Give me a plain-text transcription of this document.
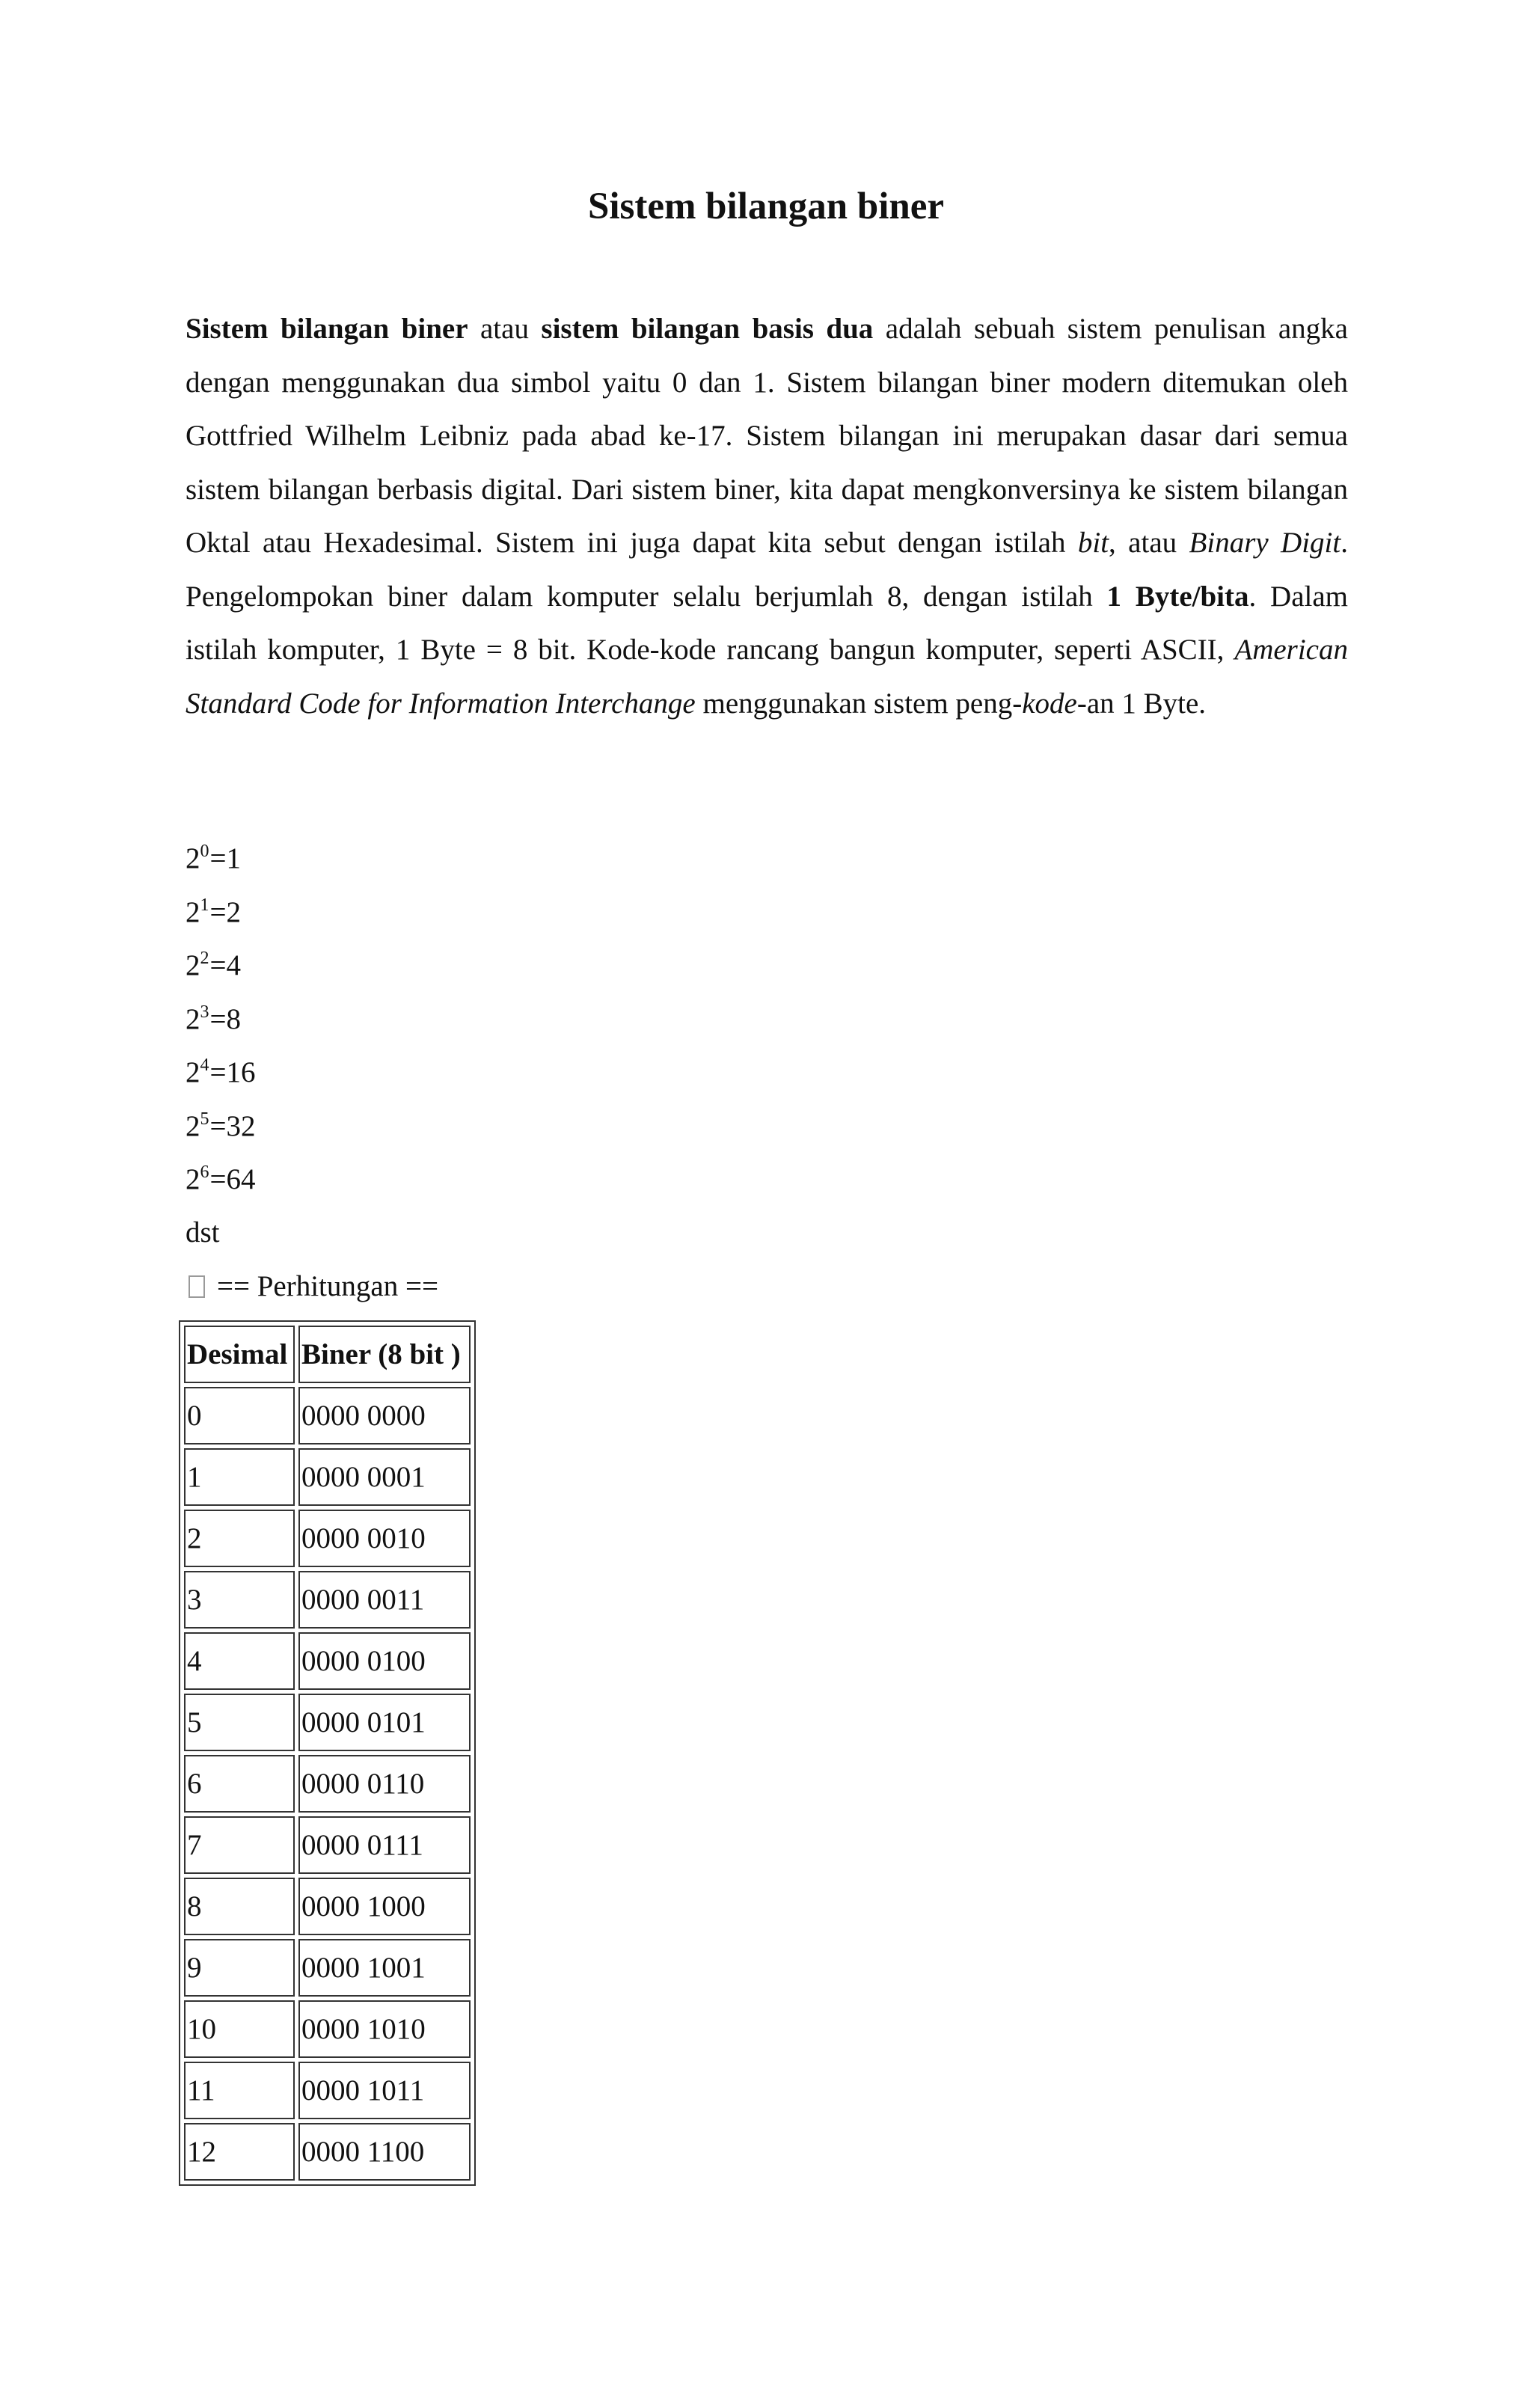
Sistem bilangan biner

Sistem bilangan biner atau sistem bilangan basis dua adalah sebuah sistem penulisan angka dengan menggunakan dua simbol yaitu 0 dan 1. Sistem bilangan biner modern ditemukan oleh Gottfried Wilhelm Leibniz pada abad ke-17. Sistem bilangan ini merupakan dasar dari semua sistem bilangan berbasis digital. Dari sistem biner, kita dapat mengkonversinya ke sistem bilangan Oktal atau Hexadesimal. Sistem ini juga dapat kita sebut dengan istilah bit, atau Binary Digit. Pengelompokan biner dalam komputer selalu berjumlah 8, dengan istilah 1 Byte/bita. Dalam istilah komputer, 1 Byte = 8 bit. Kode-kode rancang bangun komputer, seperti ASCII, American Standard Code for Information Interchange menggunakan sistem peng-kode-an 1 Byte.

$2^0=1$
$2^1=2$
$2^2=4$
$2^3=8$
$2^4=16$
$2^5=32$
$2^6=64$
dst
== Perhitungan ==
Desimal	Biner (8 bit )
0	0000 0000
1	0000 0001
2	0000 0010
3	0000 0011
4	0000 0100
5	0000 0101
6	0000 0110
7	0000 0111
8	0000 1000
9	0000 1001
10	0000 1010
11	0000 1011
12	0000 1100
